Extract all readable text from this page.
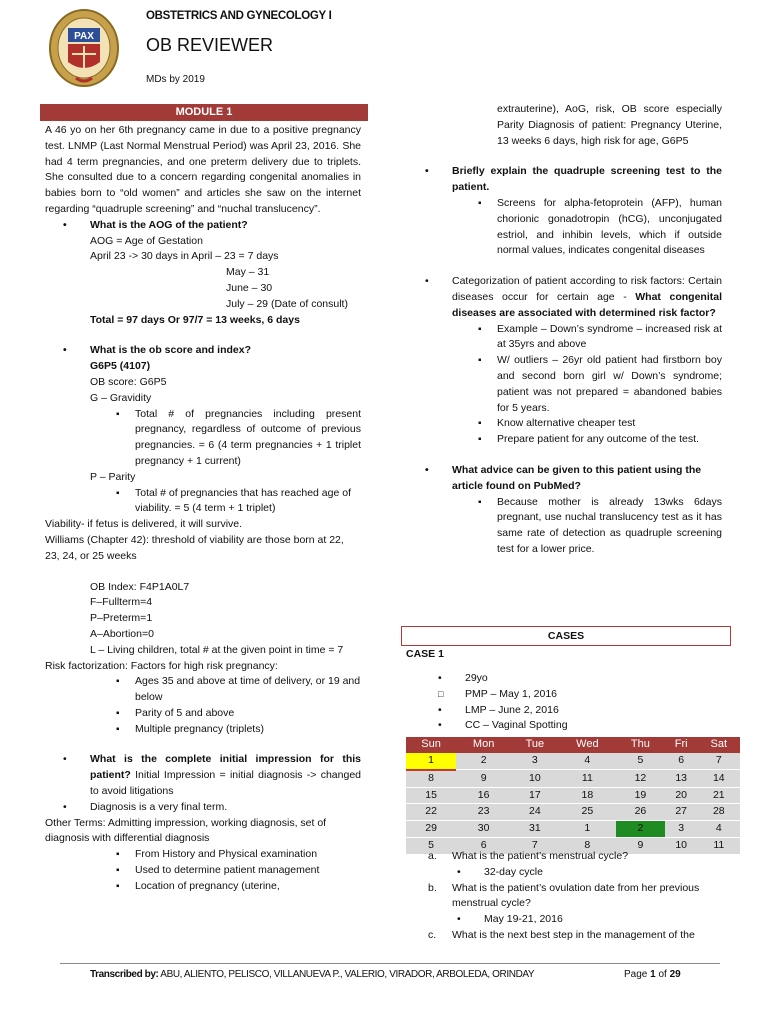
PAX
OBSTETRICS AND GYNECOLOGY I
OB REVIEWER
MDs by 2019
MODULE 1

A 46 yo on her 6th pregnancy came in due to a positive pregnancy test. LNMP (Last Normal Menstrual Period) was April 23, 2016. She had 4 term pregnancies, and one preterm delivery due to triplets. She consulted due to a concern regarding congenital anomalies in babies born to “old women” and articles she saw on the internet regarding “quadruple screening” and “nuchal translucency”.

• What is the AOG of the patient?

AOG = Age of Gestation

April 23 -> 30 days in April – 23 = 7 days

May – 31

June – 30

July – 29 (Date of consult)

Total = 97 days Or 97/7 = 13 weeks, 6 days

• What is the ob score and index?

G6P5 (4107)

OB score: G6P5

G – Gravidity

▪ Total # of pregnancies including present pregnancy, regardless of outcome of previous pregnancies. = 6 (4 term pregnancies + 1 triplet pregnancy + 1 current)

P – Parity

▪ Total # of pregnancies that has reached age of viability. = 5 (4 term + 1 triplet)

Viability- if fetus is delivered, it will survive.

Williams (Chapter 42): threshold of viability are those born at 22, 23, 24, or 25 weeks

OB Index: F4P1A0L7

F–Fullterm=4

P–Preterm=1

A–Abortion=0

L – Living children, total # at the given point in time = 7

Risk factorization: Factors for high risk pregnancy:

▪ Ages 35 and above at time of delivery, or 19 and below

▪ Parity of 5 and above

▪ Multiple pregnancy (triplets)

• What is the complete initial impression for this patient? Initial Impression = initial diagnosis -> changed to avoid litigations

• Diagnosis is a very final term.

Other Terms: Admitting impression, working diagnosis, set of diagnosis with differential diagnosis

▪ From History and Physical examination

▪ Used to determine patient management

▪ Location of pregnancy (uterine,

extrauterine), AoG, risk, OB score especially Parity Diagnosis of patient: Pregnancy Uterine, 13 weeks 6 days, high risk for age, G6P5

• Briefly explain the quadruple screening test to the patient.

▪ Screens for alpha-fetoprotein (AFP), human chorionic gonadotropin (hCG), unconjugated estriol, and inhibin levels, which if outside normal values, indicates congenital diseases

• Categorization of patient according to risk factors: Certain diseases occur for certain age - What congenital diseases are associated with determined risk factor?

▪ Example – Down’s syndrome – increased risk at at 35yrs and above

▪ W/ outliers – 26yr old patient had firstborn boy and second born girl w/ Down’s syndrome; patient was not prepared = abandoned babies for 5 years.

▪ Know alternative cheaper test

▪ Prepare patient for any outcome of the test.

• What advice can be given to this patient using the article found on PubMed?

▪ Because mother is already 13wks 6days pregnant, use nuchal translucency test as it has same rate of detection as quadruple screening test for a lower price.

CASES
CASE 1

• 29yo

□ PMP – May 1, 2016

• LMP – June 2, 2016

• CC – Vaginal Spotting

Sun	Mon	Tue	Wed	Thu	Fri	Sat
1	2	3	4	5	6	7
8	9	10	11	12	13	14
15	16	17	18	19	20	21
22	23	24	25	26	27	28
29	30	31	1	2	3	4
5	6	7	8	9	10	11

a. What is the patient’s menstrual cycle?

• 32-day cycle

b. What is the patient’s ovulation date from her previous menstrual cycle?

• May 19-21, 2016

c. What is the next best step in the management of the

Transcribed by: ABU, ALIENTO, PELISCO, VILLANUEVA P., VALERIO, VIRADOR, ARBOLEDA, ORINDAY	Page 1 of 29
